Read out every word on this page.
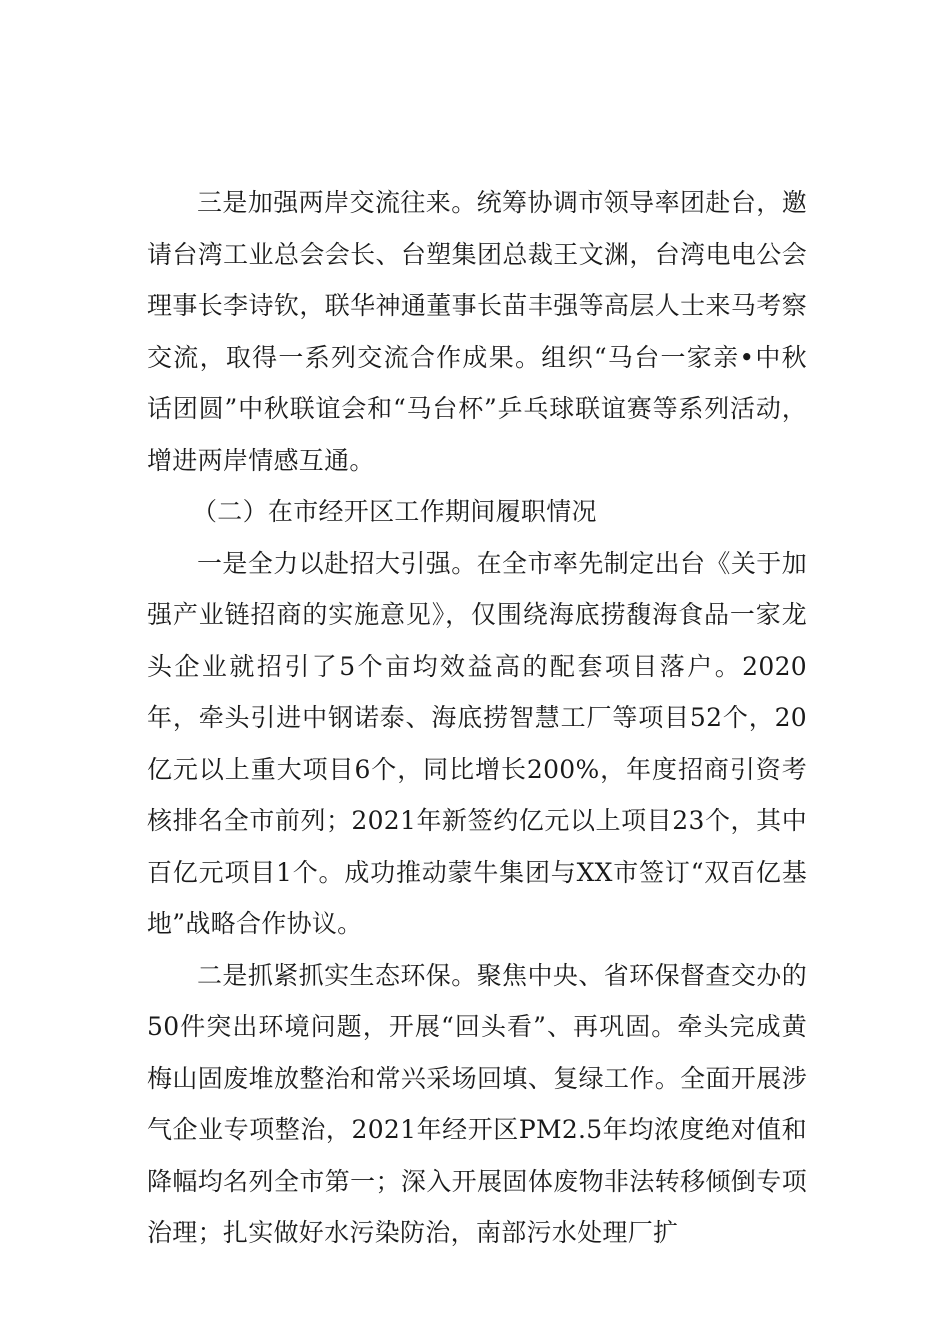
三是加强两岸交流往来。统筹协调市领导率团赴台，邀请台湾工业总会会长、台塑集团总裁王文渊，台湾电电公会理事长李诗钦，联华神通董事长苗丰强等高层人士来马考察交流，取得一系列交流合作成果。组织“马台一家亲•中秋话团圆”中秋联谊会和“马台杯”乒乓球联谊赛等系列活动，增进两岸情感互通。

（二）在市经开区工作期间履职情况

一是全力以赴招大引强。在全市率先制定出台《关于加强产业链招商的实施意见》，仅围绕海底捞馥海食品一家龙头企业就招引了5个亩均效益高的配套项目落户。2020年，牵头引进中钢诺泰、海底捞智慧工厂等项目52个，20亿元以上重大项目6个，同比增长200%，年度招商引资考核排名全市前列；2021年新签约亿元以上项目23个，其中百亿元项目1个。成功推动蒙牛集团与XX市签订“双百亿基地”战略合作协议。

二是抓紧抓实生态环保。聚焦中央、省环保督查交办的50件突出环境问题，开展“回头看”、再巩固。牵头完成黄梅山固废堆放整治和常兴采场回填、复绿工作。全面开展涉气企业专项整治，2021年经开区PM2.5年均浓度绝对值和降幅均名列全市第一；深入开展固体废物非法转移倾倒专项治理；扎实做好水污染防治，南部污水处理厂扩
